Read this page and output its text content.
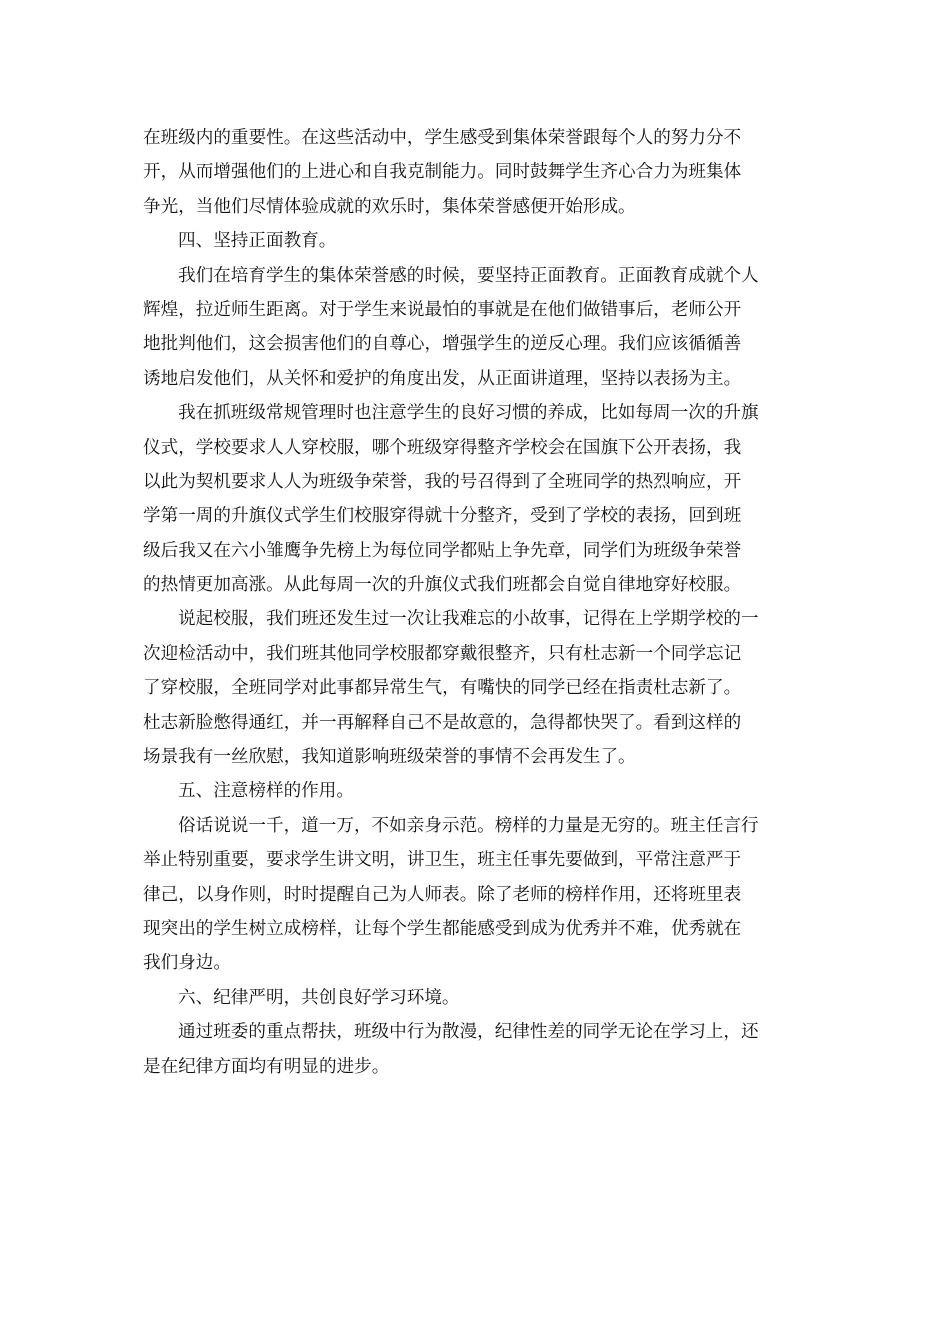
在班级内的重要性。在这些活动中，学生感受到集体荣誉跟每个人的努力分不
开，从而增强他们的上进心和自我克制能力。同时鼓舞学生齐心合力为班集体
争光，当他们尽情体验成就的欢乐时，集体荣誉感便开始形成。
四、坚持正面教育。
我们在培育学生的集体荣誉感的时候，要坚持正面教育。正面教育成就个人
辉煌，拉近师生距离。对于学生来说最怕的事就是在他们做错事后，老师公开
地批判他们，这会损害他们的自尊心，增强学生的逆反心理。我们应该循循善
诱地启发他们，从关怀和爱护的角度出发，从正面讲道理，坚持以表扬为主。
我在抓班级常规管理时也注意学生的良好习惯的养成，比如每周一次的升旗
仪式，学校要求人人穿校服，哪个班级穿得整齐学校会在国旗下公开表扬，我
以此为契机要求人人为班级争荣誉，我的号召得到了全班同学的热烈响应，开
学第一周的升旗仪式学生们校服穿得就十分整齐，受到了学校的表扬，回到班
级后我又在六小雏鹰争先榜上为每位同学都贴上争先章，同学们为班级争荣誉
的热情更加高涨。从此每周一次的升旗仪式我们班都会自觉自律地穿好校服。
说起校服，我们班还发生过一次让我难忘的小故事，记得在上学期学校的一
次迎检活动中，我们班其他同学校服都穿戴很整齐，只有杜志新一个同学忘记
了穿校服，全班同学对此事都异常生气，有嘴快的同学已经在指责杜志新了。
杜志新脸憋得通红，并一再解释自己不是故意的，急得都快哭了。看到这样的
场景我有一丝欣慰，我知道影响班级荣誉的事情不会再发生了。
五、注意榜样的作用。
俗话说说一千，道一万，不如亲身示范。榜样的力量是无穷的。班主任言行
举止特别重要，要求学生讲文明，讲卫生，班主任事先要做到，平常注意严于
律己，以身作则，时时提醒自己为人师表。除了老师的榜样作用，还将班里表
现突出的学生树立成榜样，让每个学生都能感受到成为优秀并不难，优秀就在
我们身边。
六、纪律严明，共创良好学习环境。
通过班委的重点帮扶，班级中行为散漫，纪律性差的同学无论在学习上，还
是在纪律方面均有明显的进步。
